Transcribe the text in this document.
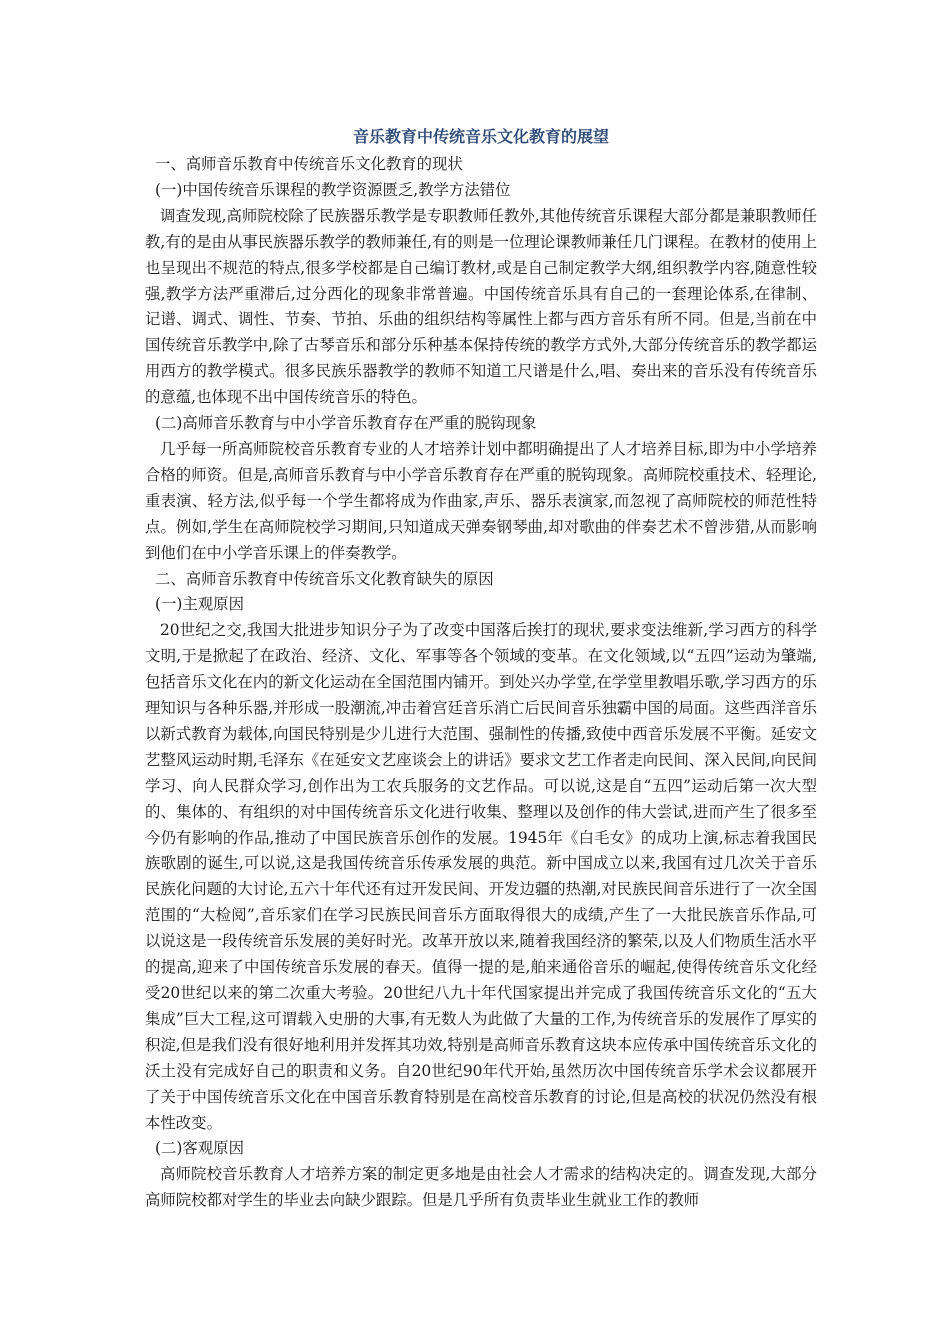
音乐教育中传统音乐文化教育的展望

一、高师音乐教育中传统音乐文化教育的现状

(一)中国传统音乐课程的教学资源匮乏,教学方法错位

调查发现,高师院校除了民族器乐教学是专职教师任教外,其他传统音乐课程大部分都是兼职教师任教,有的是由从事民族器乐教学的教师兼任,有的则是一位理论课教师兼任几门课程。在教材的使用上也呈现出不规范的特点,很多学校都是自己编订教材,或是自己制定教学大纲,组织教学内容,随意性较强,教学方法严重滞后,过分西化的现象非常普遍。中国传统音乐具有自己的一套理论体系,在律制、记谱、调式、调性、节奏、节拍、乐曲的组织结构等属性上都与西方音乐有所不同。但是,当前在中国传统音乐教学中,除了古琴音乐和部分乐种基本保持传统的教学方式外,大部分传统音乐的教学都运用西方的教学模式。很多民族乐器教学的教师不知道工尺谱是什么,唱、奏出来的音乐没有传统音乐的意蕴,也体现不出中国传统音乐的特色。

(二)高师音乐教育与中小学音乐教育存在严重的脱钩现象

几乎每一所高师院校音乐教育专业的人才培养计划中都明确提出了人才培养目标,即为中小学培养合格的师资。但是,高师音乐教育与中小学音乐教育存在严重的脱钩现象。高师院校重技术、轻理论,重表演、轻方法,似乎每一个学生都将成为作曲家,声乐、器乐表演家,而忽视了高师院校的师范性特点。例如,学生在高师院校学习期间,只知道成天弹奏钢琴曲,却对歌曲的伴奏艺术不曾涉猎,从而影响到他们在中小学音乐课上的伴奏教学。

二、高师音乐教育中传统音乐文化教育缺失的原因

(一)主观原因

20世纪之交,我国大批进步知识分子为了改变中国落后挨打的现状,要求变法维新,学习西方的科学文明,于是掀起了在政治、经济、文化、军事等各个领域的变革。在文化领域,以“五四”运动为肇端,包括音乐文化在内的新文化运动在全国范围内铺开。到处兴办学堂,在学堂里教唱乐歌,学习西方的乐理知识与各种乐器,并形成一股潮流,冲击着宫廷音乐消亡后民间音乐独霸中国的局面。这些西洋音乐以新式教育为载体,向国民特别是少儿进行大范围、强制性的传播,致使中西音乐发展不平衡。延安文艺整风运动时期,毛泽东《在延安文艺座谈会上的讲话》要求文艺工作者走向民间、深入民间,向民间学习、向人民群众学习,创作出为工农兵服务的文艺作品。可以说,这是自“五四”运动后第一次大型的、集体的、有组织的对中国传统音乐文化进行收集、整理以及创作的伟大尝试,进而产生了很多至今仍有影响的作品,推动了中国民族音乐创作的发展。1945年《白毛女》的成功上演,标志着我国民族歌剧的诞生,可以说,这是我国传统音乐传承发展的典范。新中国成立以来,我国有过几次关于音乐民族化问题的大讨论,五六十年代还有过开发民间、开发边疆的热潮,对民族民间音乐进行了一次全国范围的“大检阅”,音乐家们在学习民族民间音乐方面取得很大的成绩,产生了一大批民族音乐作品,可以说这是一段传统音乐发展的美好时光。改革开放以来,随着我国经济的繁荣,以及人们物质生活水平的提高,迎来了中国传统音乐发展的春天。值得一提的是,舶来通俗音乐的崛起,使得传统音乐文化经受20世纪以来的第二次重大考验。20世纪八九十年代国家提出并完成了我国传统音乐文化的“五大集成”巨大工程,这可谓载入史册的大事,有无数人为此做了大量的工作,为传统音乐的发展作了厚实的积淀,但是我们没有很好地利用并发挥其功效,特别是高师音乐教育这块本应传承中国传统音乐文化的沃土没有完成好自己的职责和义务。自20世纪90年代开始,虽然历次中国传统音乐学术会议都展开了关于中国传统音乐文化在中国音乐教育特别是在高校音乐教育的讨论,但是高校的状况仍然没有根本性改变。

(二)客观原因

高师院校音乐教育人才培养方案的制定更多地是由社会人才需求的结构决定的。调查发现,大部分高师院校都对学生的毕业去向缺少跟踪。但是几乎所有负责毕业生就业工作的教师
